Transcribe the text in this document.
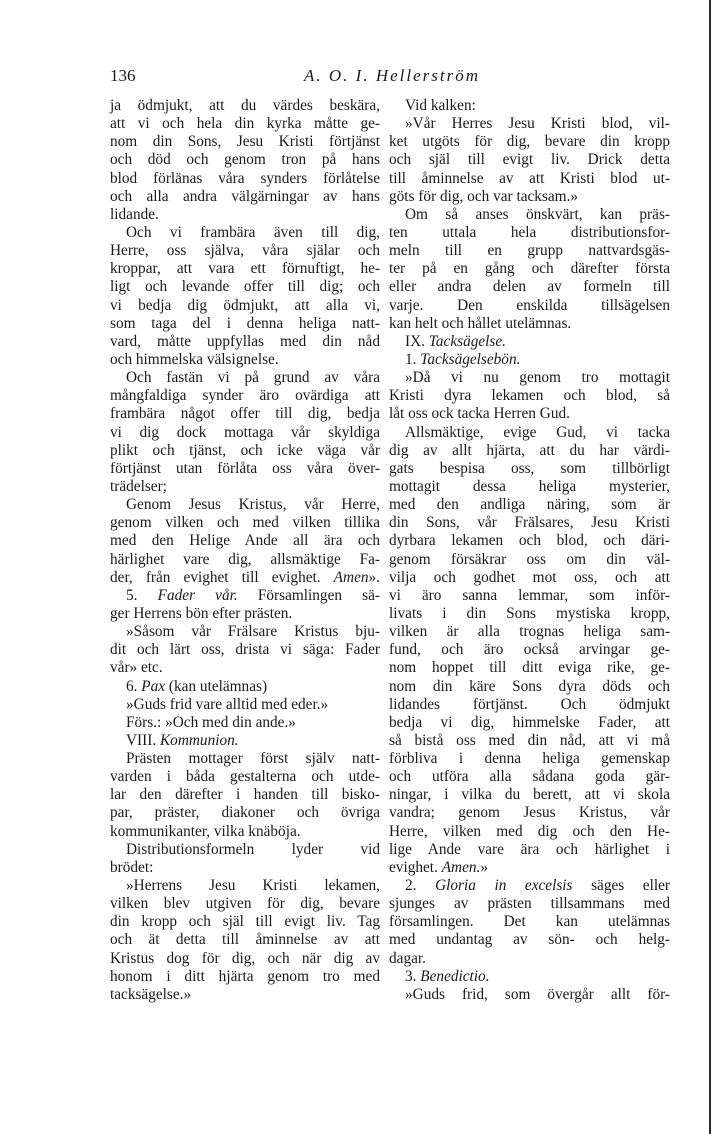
136	A. O. I. Hellerström
ja ödmjukt, att du värdes beskära,
att vi och hela din kyrka måtte ge-
nom din Sons, Jesu Kristi förtjänst
och död och genom tron på hans
blod förlänas våra synders förlåtelse
och alla andra välgärningar av hans
lidande.
Och vi frambära även till dig,
Herre, oss själva, våra själar och
kroppar, att vara ett förnuftigt, he-
ligt och levande offer till dig; och
vi bedja dig ödmjukt, att alla vi,
som taga del i denna heliga natt-
vard, måtte uppfyllas med din nåd
och himmelska välsignelse.
Och fastän vi på grund av våra
mångfaldiga synder äro ovärdiga att
frambära något offer till dig, bedja
vi dig dock mottaga vår skyldiga
plikt och tjänst, och icke väga vår
förtjänst utan förlåta oss våra över-
trädelser;
Genom Jesus Kristus, vår Herre,
genom vilken och med vilken tillika
med den Helige Ande all ära och
härlighet vare dig, allsmäktige Fa-
der, från evighet till evighet. Amen».
5. Fader vår. Församlingen sä-
ger Herrens bön efter prästen.
»Såsom vår Frälsare Kristus bju-
dit och lärt oss, drista vi säga: Fader
vår» etc.
6. Pax (kan utelämnas)
»Guds frid vare alltid med eder.»
Förs.: »Och med din ande.»
VIII. Kommunion.
Prästen mottager först själv natt-
varden i båda gestalterna och utde-
lar den därefter i handen till bisko-
par, präster, diakoner och övriga
kommunikanter, vilka knäböja.
Distributionsformeln lyder vid
brödet:
»Herrens Jesu Kristi lekamen,
vilken blev utgiven för dig, bevare
din kropp och själ till evigt liv. Tag
och ät detta till åminnelse av att
Kristus dog för dig, och när dig av
honom i ditt hjärta genom tro med
tacksägelse.»
Vid kalken:
»Vår Herres Jesu Kristi blod, vil-
ket utgöts för dig, bevare din kropp
och själ till evigt liv. Drick detta
till åminnelse av att Kristi blod ut-
göts för dig, och var tacksam.»
Om så anses önskvärt, kan präs-
ten uttala hela distributionsfor-
meln till en grupp nattvardsgäs-
ter på en gång och därefter första
eller andra delen av formeln till
varje. Den enskilda tillsägelsen
kan helt och hållet utelämnas.
IX. Tacksägelse.
1. Tacksägelsebön.
»Då vi nu genom tro mottagit
Kristi dyra lekamen och blod, så
låt oss ock tacka Herren Gud.
Allsmäktige, evige Gud, vi tacka
dig av allt hjärta, att du har värdi-
gats bespisa oss, som tillbörligt
mottagit dessa heliga mysterier,
med den andliga näring, som är
din Sons, vår Frälsares, Jesu Kristi
dyrbara lekamen och blod, och däri-
genom försäkrar oss om din väl-
vilja och godhet mot oss, och att
vi äro sanna lemmar, som inför-
livats i din Sons mystiska kropp,
vilken är alla trognas heliga sam-
fund, och äro också arvingar ge-
nom hoppet till ditt eviga rike, ge-
nom din käre Sons dyra döds och
lidandes förtjänst. Och ödmjukt
bedja vi dig, himmelske Fader, att
så bistå oss med din nåd, att vi må
förbliva i denna heliga gemenskap
och utföra alla sådana goda gär-
ningar, i vilka du berett, att vi skola
vandra; genom Jesus Kristus, vår
Herre, vilken med dig och den He-
lige Ande vare ära och härlighet i
evighet. Amen.»
2. Gloria in excelsis säges eller
sjunges av prästen tillsammans med
församlingen. Det kan utelämnas
med undantag av sön- och helg-
dagar.
3. Benedictio.
»Guds frid, som övergår allt för-
